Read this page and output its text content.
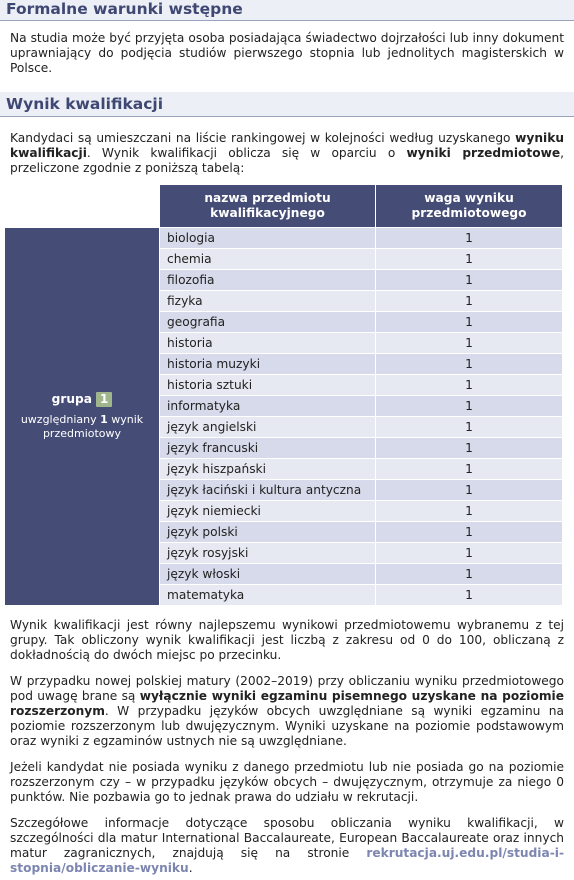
Formalne warunki wstępne

Na studia może być przyjęta osoba posiadająca świadectwo dojrzałości lub inny dokument uprawniający do podjęcia studiów pierwszego stopnia lub jednolitych magisterskich w Polsce.

Wynik kwalifikacji

Kandydaci są umieszczani na liście rankingowej w kolejności według uzyskanego wyniku kwalifikacji. Wynik kwalifikacji oblicza się w oparciu o wyniki przedmiotowe, przeliczone zgodnie z poniższą tabelą:

	nazwa przedmiotu kwalifikacyjnego	waga wyniku przedmiotowego
grupa 1
uwzględniany 1 wynik przedmiotowy	biologia	1
	chemia	1
	filozofia	1
	fizyka	1
	geografia	1
	historia	1
	historia muzyki	1
	historia sztuki	1
	informatyka	1
	język angielski	1
	język francuski	1
	język hiszpański	1
	język łaciński i kultura antyczna	1
	język niemiecki	1
	język polski	1
	język rosyjski	1
	język włoski	1
	matematyka	1

Wynik kwalifikacji jest równy najlepszemu wynikowi przedmiotowemu wybranemu z tej grupy. Tak obliczony wynik kwalifikacji jest liczbą z zakresu od 0 do 100, obliczaną z dokładnością do dwóch miejsc po przecinku.

W przypadku nowej polskiej matury (2002–2019) przy obliczaniu wyniku przedmiotowego pod uwagę brane są wyłącznie wyniki egzaminu pisemnego uzyskane na poziomie rozszerzonym. W przypadku języków obcych uwzględniane są wyniki egzaminu na poziomie rozszerzonym lub dwujęzycznym. Wyniki uzyskane na poziomie podstawowym oraz wyniki z egzaminów ustnych nie są uwzględniane.

Jeżeli kandydat nie posiada wyniku z danego przedmiotu lub nie posiada go na poziomie rozszerzonym czy – w przypadku języków obcych – dwujęzycznym, otrzymuje za niego 0 punktów. Nie pozbawia go to jednak prawa do udziału w rekrutacji.

Szczegółowe informacje dotyczące sposobu obliczania wyniku kwalifikacji, w szczególności dla matur International Baccalaureate, European Baccalaureate oraz innych matur zagranicznych, znajdują się na stronie rekrutacja.uj.edu.pl/studia-i-stopnia/obliczanie-wyniku.
